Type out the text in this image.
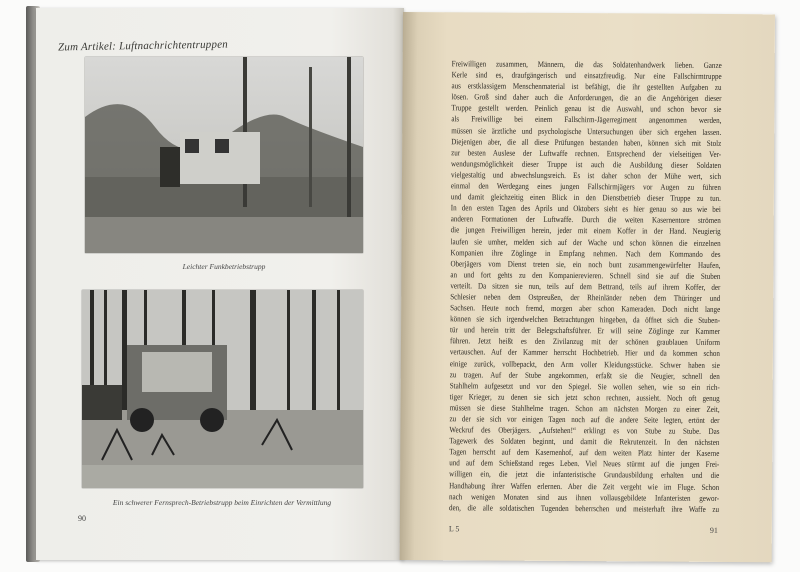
Zum Artikel: Luftnachrichtentruppen
Leichter Funkbetriebstrupp
Ein schwerer Fernsprech-Betriebstrupp beim Einrichten der Vermittlung
90
Freiwilligen zusammen, Männern, die das Soldatenhandwerk lieben. Ganze
Kerle sind es, draufgängerisch und einsatzfreudig. Nur eine Fallschirmtruppe
aus erstklassigem Menschenmaterial ist befähigt, die ihr gestellten Aufgaben zu
lösen. Groß sind daher auch die Anforderungen, die an die Angehörigen dieser
Truppe gestellt werden. Peinlich genau ist die Auswahl, und schon bevor sie
als Freiwillige bei einem Fallschirm-Jägerregiment angenommen werden,
müssen sie ärztliche und psychologische Untersuchungen über sich ergehen lassen.
Diejenigen aber, die all diese Prüfungen bestanden haben, können sich mit Stolz
zur besten Auslese der Luftwaffe rechnen. Entsprechend der vielseitigen Ver-
wendungsmöglichkeit dieser Truppe ist auch die Ausbildung dieser Soldaten
vielgestaltig und abwechslungsreich. Es ist daher schon der Mühe wert, sich
einmal den Werdegang eines jungen Fallschirmjägers vor Augen zu führen
und damit gleichzeitig einen Blick in den Dienstbetrieb dieser Truppe zu tun.
In den ersten Tagen des Aprils und Oktobers sieht es hier genau so aus wie bei
anderen Formationen der Luftwaffe. Durch die weiten Kasernentore strömen
die jungen Freiwilligen herein, jeder mit einem Koffer in der Hand. Neugierig
laufen sie umher, melden sich auf der Wache und schon können die einzelnen
Kompanien ihre Zöglinge in Empfang nehmen. Nach dem Kommando des
Oberjägers vom Dienst treten sie, ein noch bunt zusammengewürfelter Haufen,
an und fort gehts zu den Kompanierevieren. Schnell sind sie auf die Stuben
verteilt. Da sitzen sie nun, teils auf dem Bettrand, teils auf ihrem Koffer, der
Schlesier neben dem Ostpreußen, der Rheinländer neben dem Thüringer und
Sachsen. Heute noch fremd, morgen aber schon Kameraden. Doch nicht lange
können sie sich irgendwelchen Betrachtungen hingeben, da öffnet sich die Stuben-
tür und herein tritt der Belegschaftsführer. Er will seine Zöglinge zur Kammer
führen. Jetzt heißt es den Zivilanzug mit der schönen graublauen Uniform
vertauschen. Auf der Kammer herrscht Hochbetrieb. Hier und da kommen schon
einige zurück, vollbepackt, den Arm voller Kleidungsstücke. Schwer haben sie
zu tragen. Auf der Stube angekommen, erfaßt sie die Neugier, schnell den
Stahlhelm aufgesetzt und vor den Spiegel. Sie wollen sehen, wie so ein rich-
tiger Krieger, zu denen sie sich jetzt schon rechnen, aussieht. Noch oft genug
müssen sie diese Stahlhelme tragen. Schon am nächsten Morgen zu einer Zeit,
zu der sie sich vor einigen Tagen noch auf die andere Seite legten, ertönt der
Weckruf des Oberjägers. „Aufstehen!“ erklingt es von Stube zu Stube. Das
Tagewerk des Soldaten beginnt, und damit die Rekrutenzeit. In den nächsten
Tagen herrscht auf dem Kasernenhof, auf dem weiten Platz hinter der Kaserne
und auf dem Schießstand reges Leben. Viel Neues stürmt auf die jungen Frei-
willigen ein, die jetzt die infanteristische Grundausbildung erhalten und die
Handhabung ihrer Waffen erlernen. Aber die Zeit vergeht wie im Fluge. Schon
nach wenigen Monaten sind aus ihnen vollausgebildete Infanteristen gewor-
den, die alle soldatischen Tugenden beherrschen und meisterhaft ihre Waffe zu
L 5	91
